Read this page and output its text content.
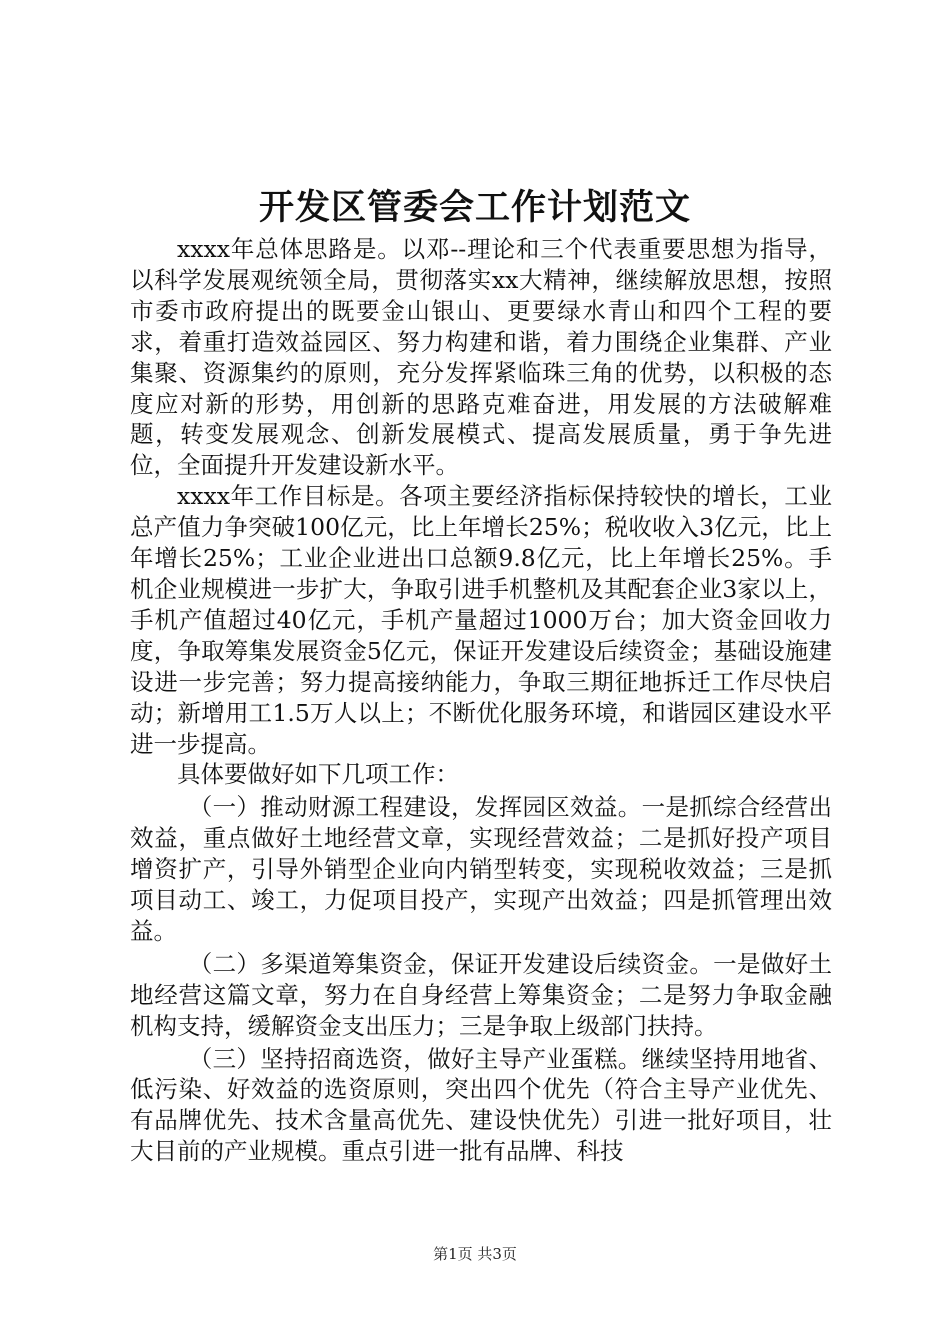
开发区管委会工作计划范文

xxxx年总体思路是。以邓--理论和三个代表重要思想为指导，以科学发展观统领全局，贯彻落实xx大精神，继续解放思想，按照市委市政府提出的既要金山银山、更要绿水青山和四个工程的要求，着重打造效益园区、努力构建和谐，着力围绕企业集群、产业集聚、资源集约的原则，充分发挥紧临珠三角的优势，以积极的态度应对新的形势，用创新的思路克难奋进，用发展的方法破解难题，转变发展观念、创新发展模式、提高发展质量，勇于争先进位，全面提升开发建设新水平。

xxxx年工作目标是。各项主要经济指标保持较快的增长，工业总产值力争突破100亿元，比上年增长25%；税收收入3亿元，比上年增长25%；工业企业进出口总额9.8亿元，比上年增长25%。手机企业规模进一步扩大，争取引进手机整机及其配套企业3家以上，手机产值超过40亿元，手机产量超过1000万台；加大资金回收力度，争取筹集发展资金5亿元，保证开发建设后续资金；基础设施建设进一步完善；努力提高接纳能力，争取三期征地拆迁工作尽快启动；新增用工1.5万人以上；不断优化服务环境，和谐园区建设水平进一步提高。

具体要做好如下几项工作：

（一）推动财源工程建设，发挥园区效益。一是抓综合经营出效益，重点做好土地经营文章，实现经营效益；二是抓好投产项目增资扩产，引导外销型企业向内销型转变，实现税收效益；三是抓项目动工、竣工，力促项目投产，实现产出效益；四是抓管理出效益。

（二）多渠道筹集资金，保证开发建设后续资金。一是做好土地经营这篇文章，努力在自身经营上筹集资金；二是努力争取金融机构支持，缓解资金支出压力；三是争取上级部门扶持。

（三）坚持招商选资，做好主导产业蛋糕。继续坚持用地省、低污染、好效益的选资原则，突出四个优先（符合主导产业优先、有品牌优先、技术含量高优先、建设快优先）引进一批好项目，壮大目前的产业规模。重点引进一批有品牌、科技

第1页 共3页
